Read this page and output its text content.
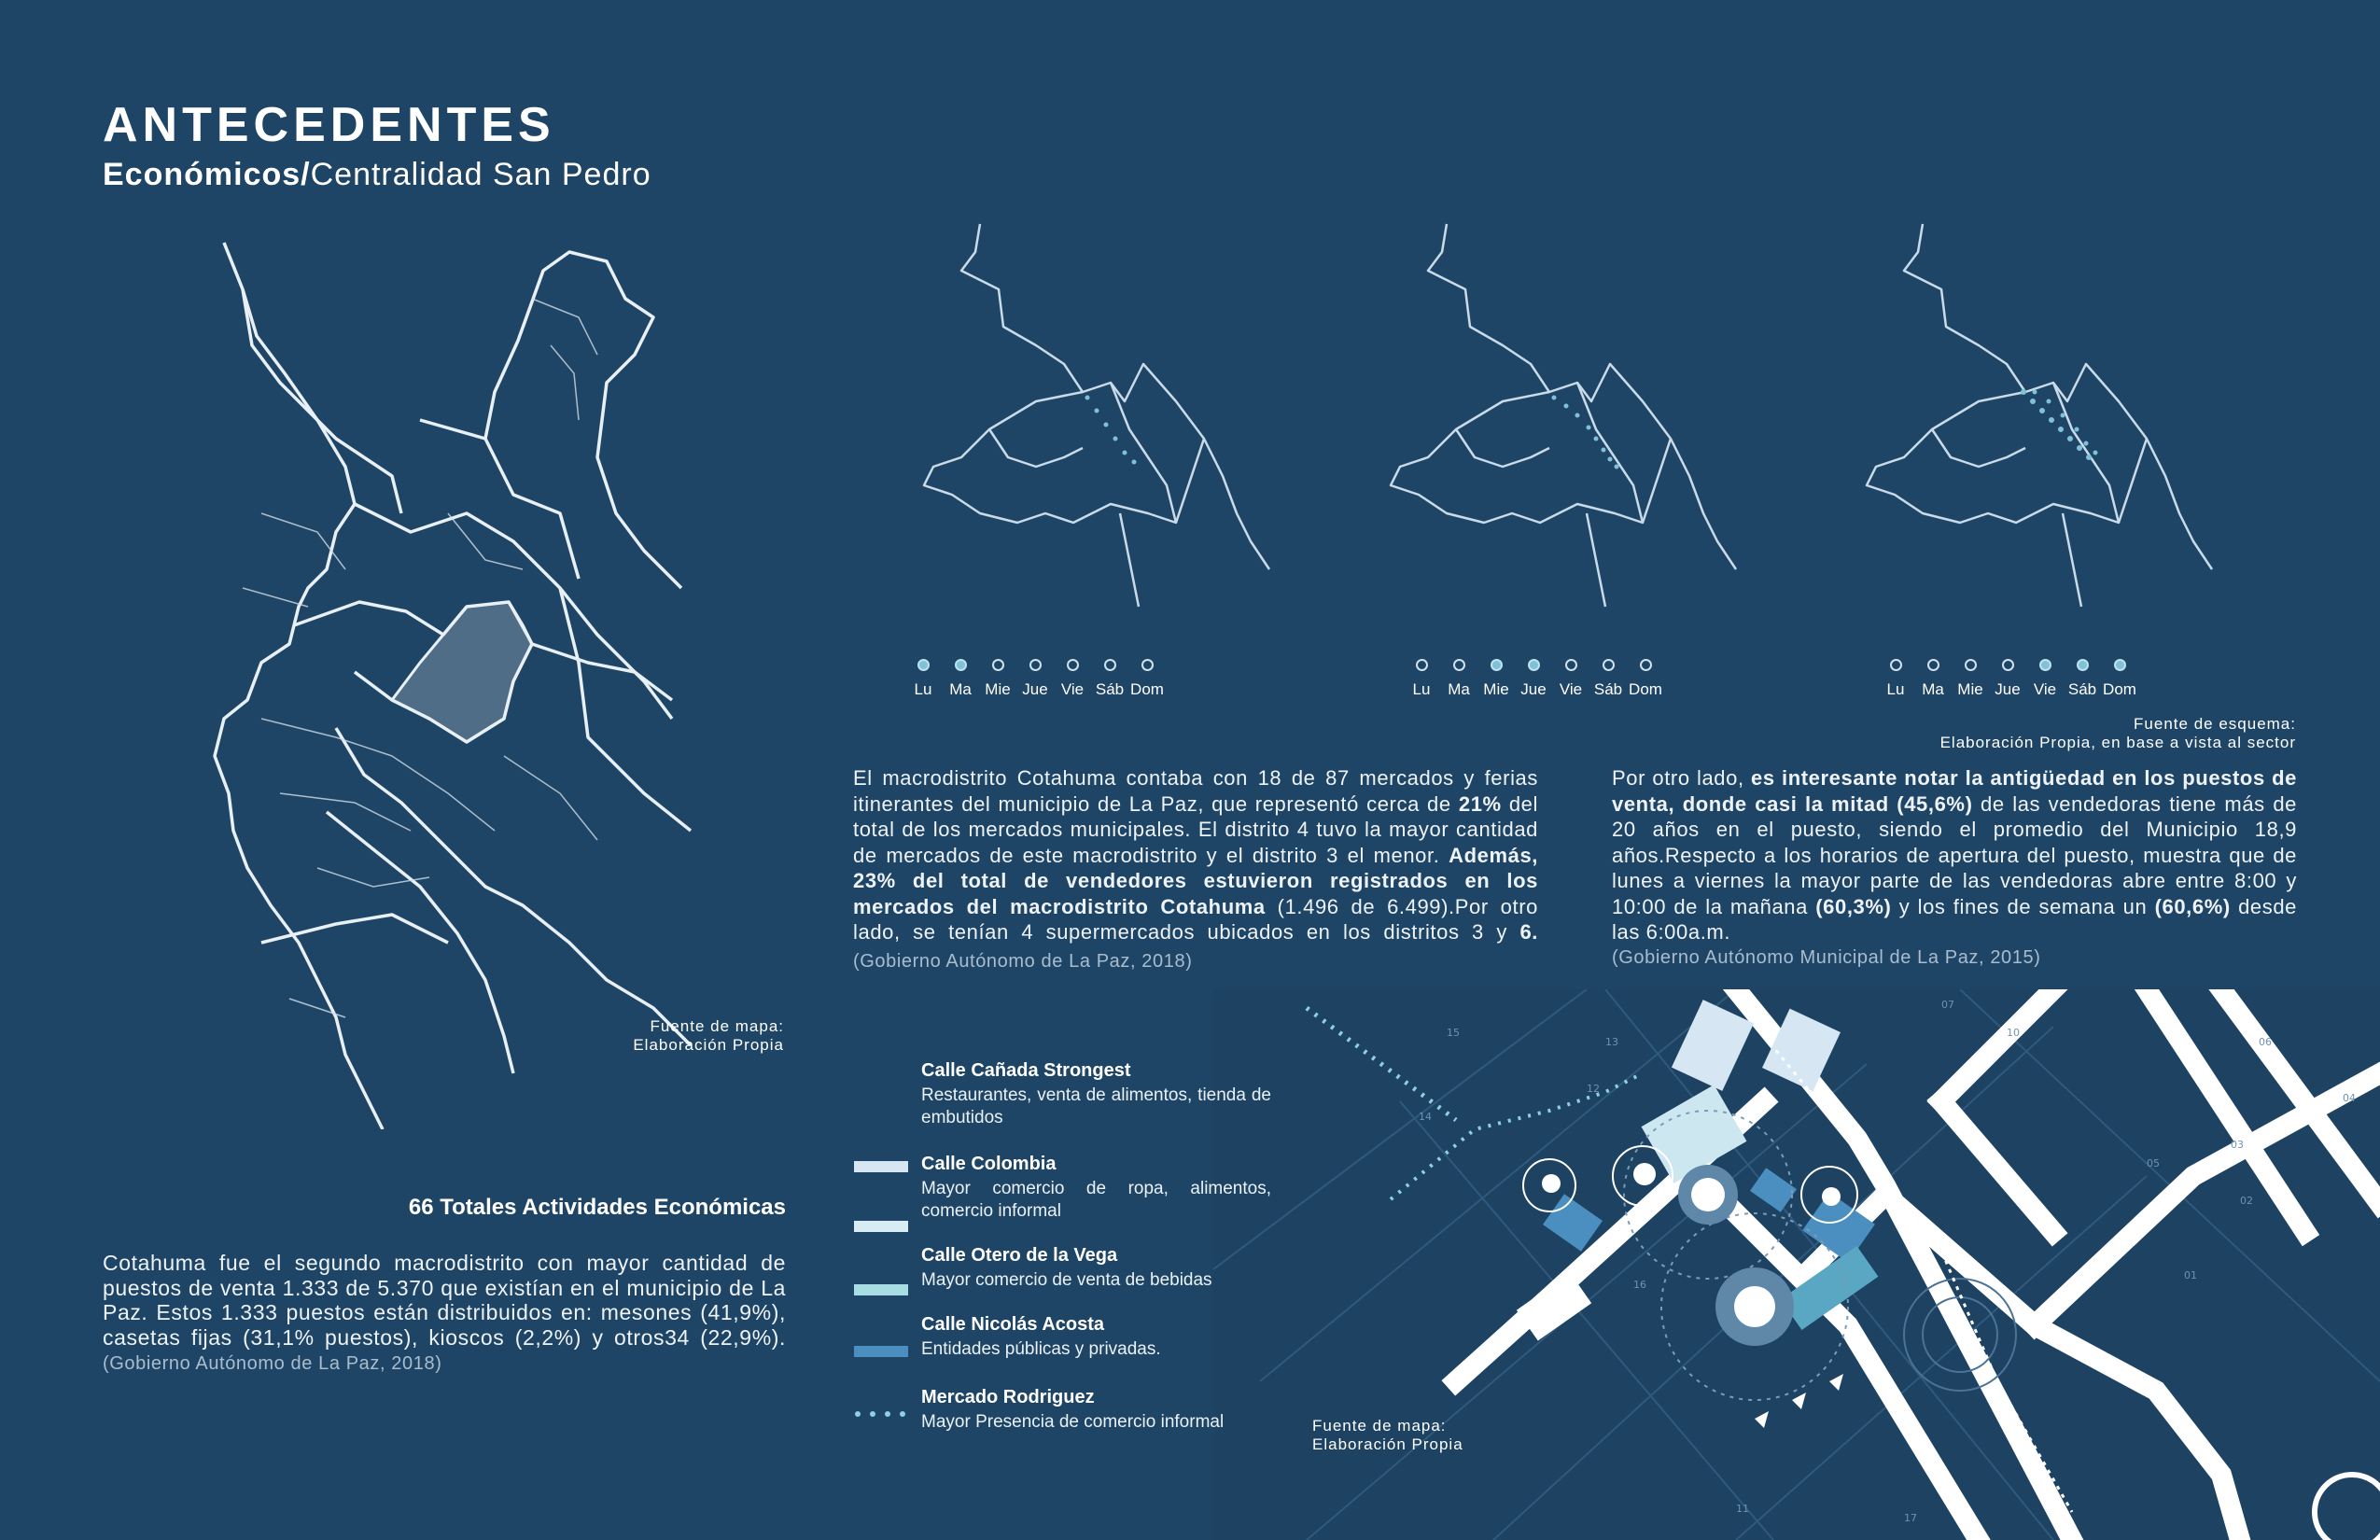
ANTECEDENTES
Económicos/Centralidad San Pedro
Fuente de mapa:
Elaboración Propia
66 Totales Actividades Económicas
Cotahuma fue el segundo macrodistrito con mayor cantidad de puestos de venta 1.333 de 5.370 que existían en el municipio de La Paz. Estos 1.333 puestos están distribuidos en: mesones (41,9%), casetas fijas (31,1% puestos), kioscos (2,2%) y otros34 (22,9%). (Gobierno Autónomo de La Paz, 2018)
Lu Ma Mie Jue Vie Sáb Dom	Lu Ma Mie Jue Vie Sáb Dom	Lu Ma Mie Jue Vie Sáb Dom
Fuente de esquema:
Elaboración Propia, en base a vista al sector
El macrodistrito Cotahuma contaba con 18 de 87 mercados y ferias itinerantes del municipio de La Paz, que representó cerca de 21% del total de los mercados municipales. El distrito 4 tuvo la mayor cantidad de mercados de este macrodistrito y el distrito 3 el menor. Además, 23% del total de vendedores estuvieron registrados en los mercados del macrodistrito Cotahuma (1.496 de 6.499).Por otro lado, se tenían 4 supermercados ubicados en los distritos 3 y 6. (Gobierno Autónomo de La Paz, 2018)
Por otro lado, es interesante notar la antigüedad en los puestos de venta, donde casi la mitad (45,6%) de las vendedoras tiene más de 20 años en el puesto, siendo el promedio del Municipio 18,9 años.Respecto a los horarios de apertura del puesto, muestra que de lunes a viernes la mayor parte de las vendedoras abre entre 8:00 y 10:00 de la mañana (60,3%) y los fines de semana un (60,6%) desde las 6:00a.m.
(Gobierno Autónomo Municipal de La Paz, 2015)
07
10
06
04
03
13
12
14
15
02
01
16
05
11
17
Calle Cañada Strongest
Restaurantes, venta de alimentos, tienda de embutidos
Calle Colombia
Mayor comercio de ropa, alimentos, comercio informal
Calle Otero de la Vega
Mayor comercio de venta de bebidas
Calle Nicolás Acosta
Entidades públicas y privadas.
Mercado Rodriguez
Mayor Presencia de comercio informal	Fuente de mapa:
Elaboración Propia
